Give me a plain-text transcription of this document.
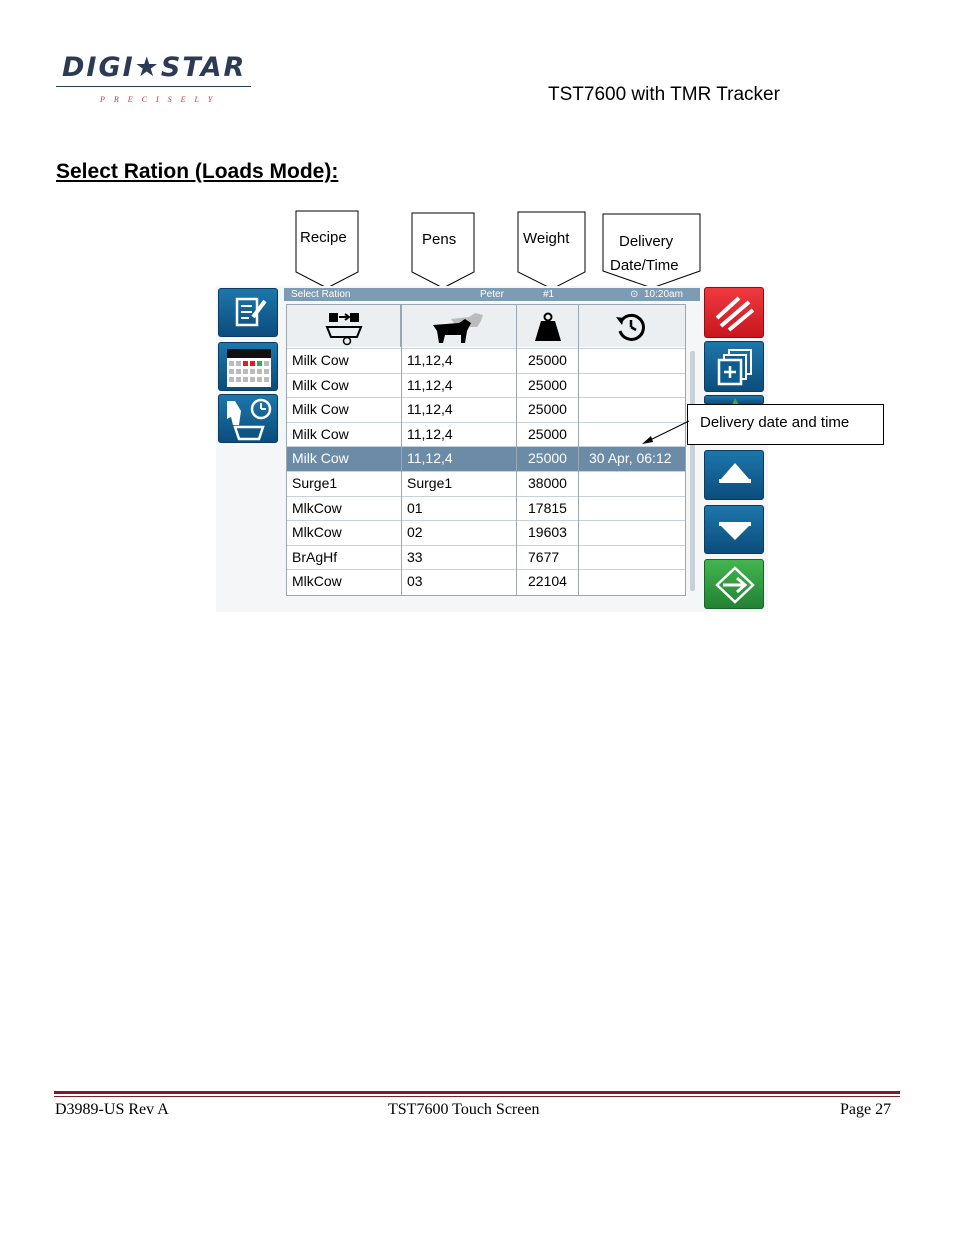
DIGI★STAR
PRECISELY	TST7600 with TMR Tracker
Select Ration (Loads Mode):
Recipe	Pens	Weight	Delivery
Date/Time
Select Ration	Peter	#1	⊙ 10:20am
Milk Cow	11,12,4	25000
Milk Cow	11,12,4	25000
Milk Cow	11,12,4	25000
Milk Cow	11,12,4	25000
Milk Cow	11,12,4	25000 30 Apr, 06:12
Surge1	Surge1	38000
MlkCow	01	17815
MlkCow	02	19603
BrAgHf	33	7677
MlkCow	03	22104
Delivery date and time
D3989-US Rev A	TST7600 Touch Screen	Page 27
